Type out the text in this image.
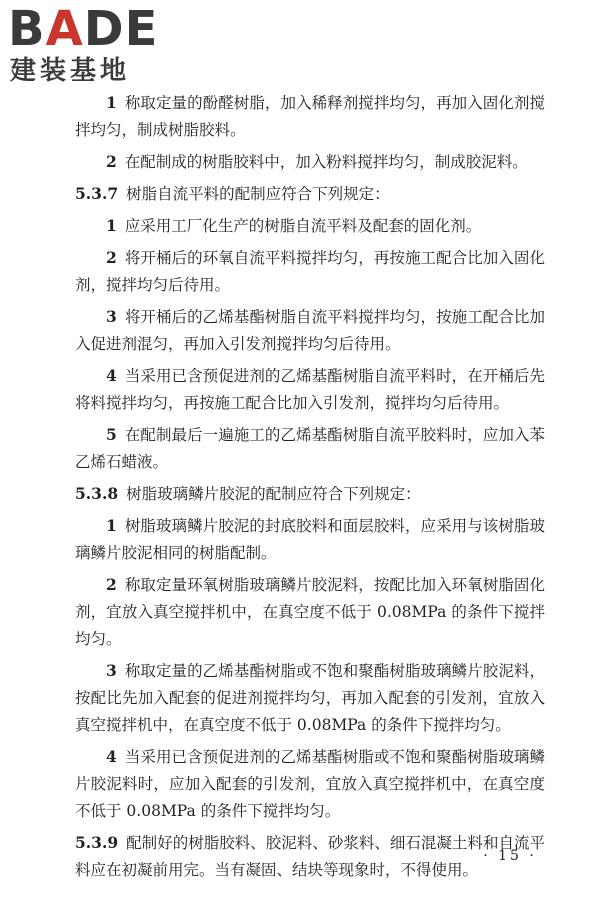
BADE
建装基地

1 称取定量的酚醛树脂，加入稀释剂搅拌均匀，再加入固化剂搅拌均匀，制成树脂胶料。

2 在配制成的树脂胶料中，加入粉料搅拌均匀，制成胶泥料。

5.3.7 树脂自流平料的配制应符合下列规定：

1 应采用工厂化生产的树脂自流平料及配套的固化剂。

2 将开桶后的环氧自流平料搅拌均匀，再按施工配合比加入固化剂，搅拌均匀后待用。

3 将开桶后的乙烯基酯树脂自流平料搅拌均匀，按施工配合比加入促进剂混匀，再加入引发剂搅拌均匀后待用。

4 当采用已含预促进剂的乙烯基酯树脂自流平料时，在开桶后先将料搅拌均匀，再按施工配合比加入引发剂，搅拌均匀后待用。

5 在配制最后一遍施工的乙烯基酯树脂自流平胶料时，应加入苯乙烯石蜡液。

5.3.8 树脂玻璃鳞片胶泥的配制应符合下列规定：

1 树脂玻璃鳞片胶泥的封底胶料和面层胶料，应采用与该树脂玻璃鳞片胶泥相同的树脂配制。

2 称取定量环氧树脂玻璃鳞片胶泥料，按配比加入环氧树脂固化剂，宜放入真空搅拌机中，在真空度不低于 0.08MPa 的条件下搅拌均匀。

3 称取定量的乙烯基酯树脂或不饱和聚酯树脂玻璃鳞片胶泥料，按配比先加入配套的促进剂搅拌均匀，再加入配套的引发剂，宜放入真空搅拌机中，在真空度不低于 0.08MPa 的条件下搅拌均匀。

4 当采用已含预促进剂的乙烯基酯树脂或不饱和聚酯树脂玻璃鳞片胶泥料时，应加入配套的引发剂，宜放入真空搅拌机中，在真空度不低于 0.08MPa 的条件下搅拌均匀。

5.3.9 配制好的树脂胶料、胶泥料、砂浆料、细石混凝土料和自流平料应在初凝前用完。当有凝固、结块等现象时，不得使用。

· 15 ·
